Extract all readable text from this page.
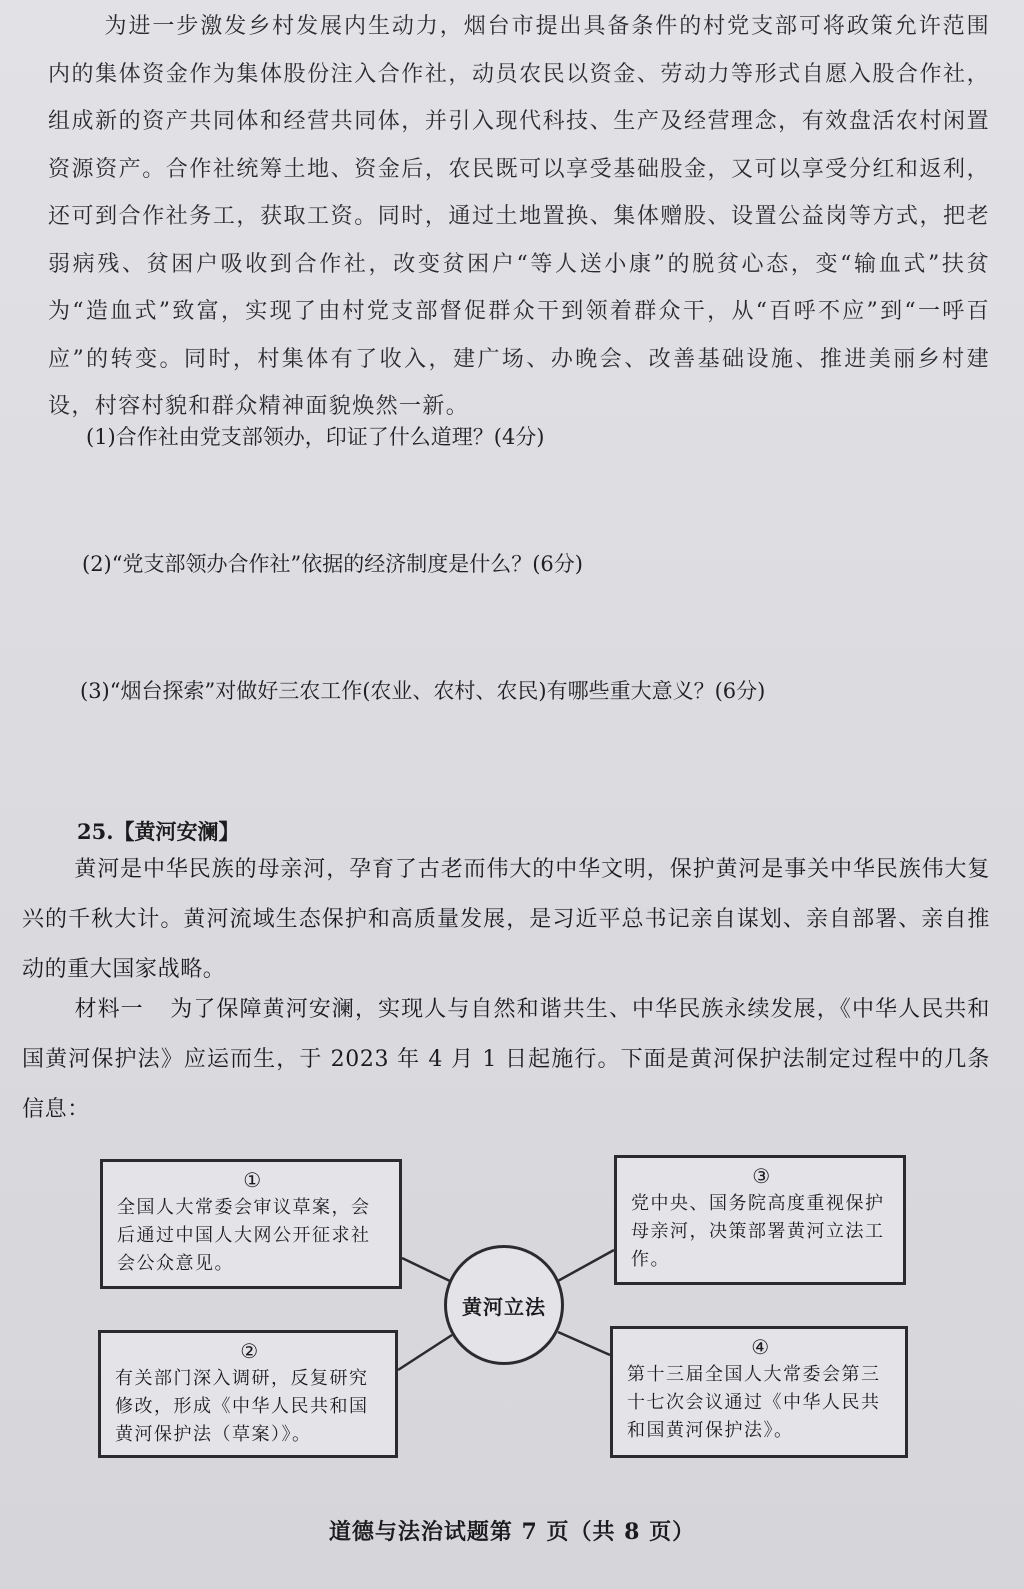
为进一步激发乡村发展内生动力，烟台市提出具备条件的村党支部可将政策允许范围内的集体资金作为集体股份注入合作社，动员农民以资金、劳动力等形式自愿入股合作社，组成新的资产共同体和经营共同体，并引入现代科技、生产及经营理念，有效盘活农村闲置资源资产。合作社统筹土地、资金后，农民既可以享受基础股金，又可以享受分红和返利，还可到合作社务工，获取工资。同时，通过土地置换、集体赠股、设置公益岗等方式，把老弱病残、贫困户吸收到合作社，改变贫困户“等人送小康”的脱贫心态，变“输血式”扶贫为“造血式”致富，实现了由村党支部督促群众干到领着群众干，从“百呼不应”到“一呼百应”的转变。同时，村集体有了收入，建广场、办晚会、改善基础设施、推进美丽乡村建设，村容村貌和群众精神面貌焕然一新。

(1)合作社由党支部领办，印证了什么道理？(4分)

(2)“党支部领办合作社”依据的经济制度是什么？(6分)

(3)“烟台探索”对做好三农工作(农业、农村、农民)有哪些重大意义？(6分)

25.【黄河安澜】

黄河是中华民族的母亲河，孕育了古老而伟大的中华文明，保护黄河是事关中华民族伟大复兴的千秋大计。黄河流域生态保护和高质量发展，是习近平总书记亲自谋划、亲自部署、亲自推动的重大国家战略。

材料一 为了保障黄河安澜，实现人与自然和谐共生、中华民族永续发展，《中华人民共和国黄河保护法》应运而生，于 2023 年 4 月 1 日起施行。下面是黄河保护法制定过程中的几条信息：

①
全国人大常委会审议草案，会后通过中国人大网公开征求社会公众意见。
②
有关部门深入调研，反复研究修改，形成《中华人民共和国黄河保护法（草案）》。
③
党中央、国务院高度重视保护母亲河，决策部署黄河立法工作。
④
第十三届全国人大常委会第三十七次会议通过《中华人民共和国黄河保护法》。
黄河立法

道德与法治试题第 7 页（共 8 页）
